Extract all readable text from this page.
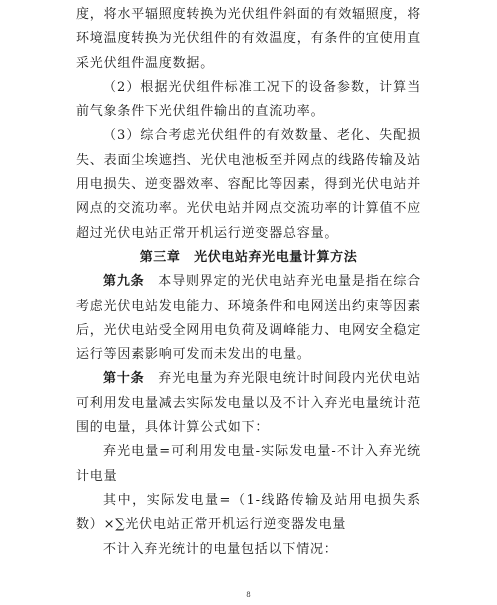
度，将水平辐照度转换为光伏组件斜面的有效辐照度，将环境温度转换为光伏组件的有效温度，有条件的宜使用直采光伏组件温度数据。

（2）根据光伏组件标准工况下的设备参数，计算当前气象条件下光伏组件输出的直流功率。

（3）综合考虑光伏组件的有效数量、老化、失配损失、表面尘埃遮挡、光伏电池板至并网点的线路传输及站用电损失、逆变器效率、容配比等因素，得到光伏电站并网点的交流功率。光伏电站并网点交流功率的计算值不应超过光伏电站正常开机运行逆变器总容量。

第三章　光伏电站弃光电量计算方法

第九条　本导则界定的光伏电站弃光电量是指在综合考虑光伏电站发电能力、环境条件和电网送出约束等因素后，光伏电站受全网用电负荷及调峰能力、电网安全稳定运行等因素影响可发而未发出的电量。

第十条　弃光电量为弃光限电统计时间段内光伏电站可利用发电量减去实际发电量以及不计入弃光电量统计范围的电量，具体计算公式如下：

弃光电量=可利用发电量-实际发电量-不计入弃光统计电量

其中，实际发电量=（1-线路传输及站用电损失系数）×∑光伏电站正常开机运行逆变器发电量

不计入弃光统计的电量包括以下情况：

8
